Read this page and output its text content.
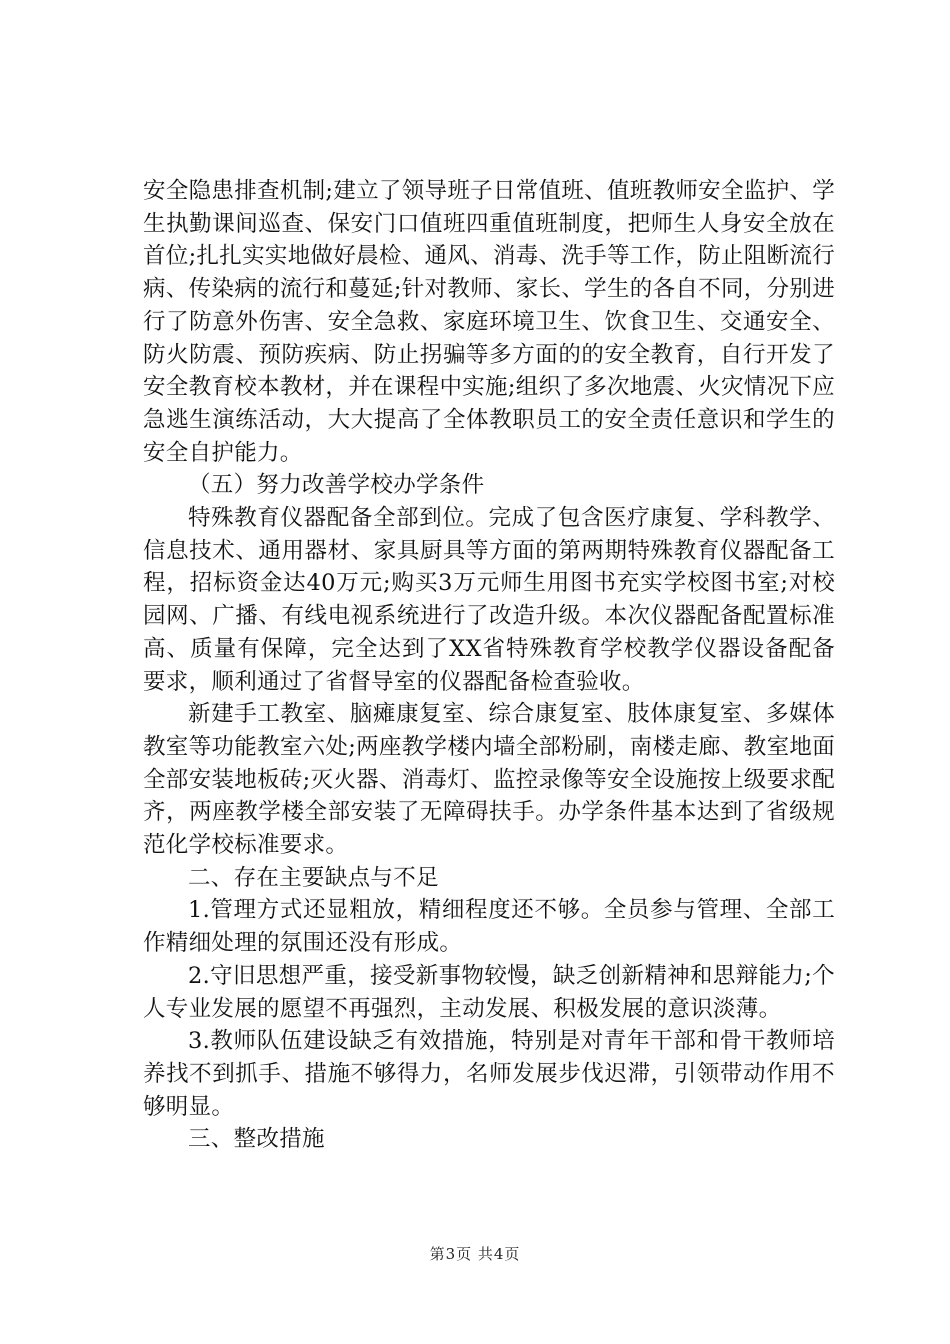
安全隐患排查机制;建立了领导班子日常值班、值班教师安全监护、学生执勤课间巡查、保安门口值班四重值班制度，把师生人身安全放在首位;扎扎实实地做好晨检、通风、消毒、洗手等工作，防止阻断流行病、传染病的流行和蔓延;针对教师、家长、学生的各自不同，分别进行了防意外伤害、安全急救、家庭环境卫生、饮食卫生、交通安全、防火防震、预防疾病、防止拐骗等多方面的的安全教育，自行开发了安全教育校本教材，并在课程中实施;组织了多次地震、火灾情况下应急逃生演练活动，大大提高了全体教职员工的安全责任意识和学生的安全自护能力。

（五）努力改善学校办学条件

特殊教育仪器配备全部到位。完成了包含医疗康复、学科教学、信息技术、通用器材、家具厨具等方面的第两期特殊教育仪器配备工程，招标资金达40万元;购买3万元师生用图书充实学校图书室;对校园网、广播、有线电视系统进行了改造升级。本次仪器配备配置标准高、质量有保障，完全达到了XX省特殊教育学校教学仪器设备配备要求，顺利通过了省督导室的仪器配备检查验收。

新建手工教室、脑瘫康复室、综合康复室、肢体康复室、多媒体教室等功能教室六处;两座教学楼内墙全部粉刷，南楼走廊、教室地面全部安装地板砖;灭火器、消毒灯、监控录像等安全设施按上级要求配齐，两座教学楼全部安装了无障碍扶手。办学条件基本达到了省级规范化学校标准要求。

二、存在主要缺点与不足

1.管理方式还显粗放，精细程度还不够。全员参与管理、全部工作精细处理的氛围还没有形成。

2.守旧思想严重，接受新事物较慢，缺乏创新精神和思辩能力;个人专业发展的愿望不再强烈，主动发展、积极发展的意识淡薄。

3.教师队伍建设缺乏有效措施，特别是对青年干部和骨干教师培养找不到抓手、措施不够得力，名师发展步伐迟滞，引领带动作用不够明显。

三、整改措施

第3页 共4页
